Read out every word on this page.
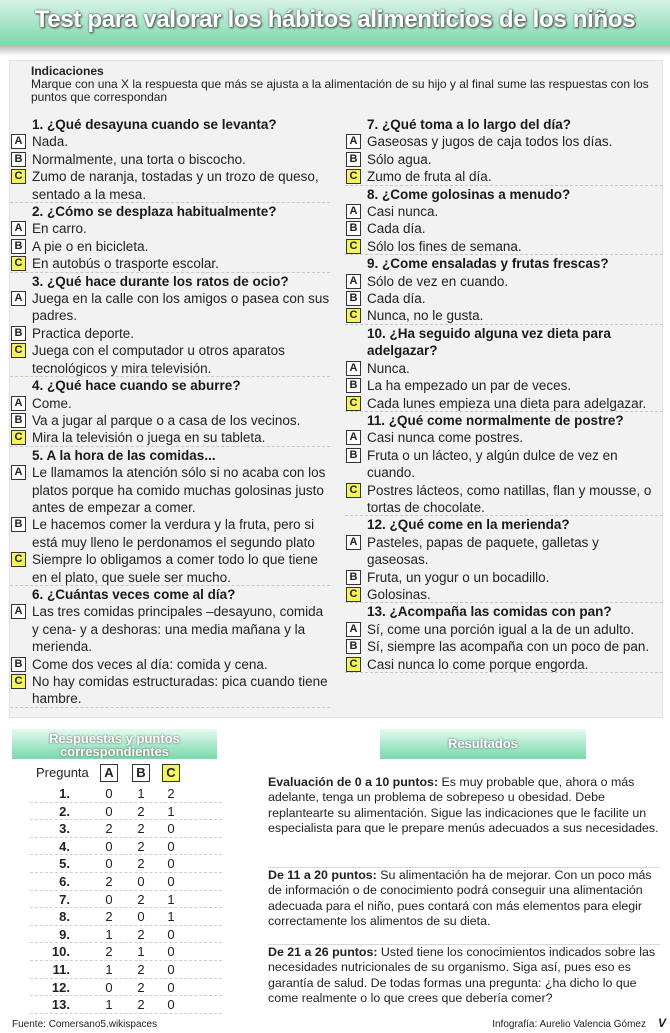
Test para valorar los hábitos alimenticios de los niños
Indicaciones
Marque con una X la respuesta que más se ajusta a la alimentación de su hijo y al final sume las respuestas con los puntos que correspondan
1. ¿Qué desayuna cuando se levanta?
A Nada.
B Normalmente, una torta o biscocho.
C Zumo de naranja, tostadas y un trozo de queso, sentado a la mesa.
2. ¿Cómo se desplaza habitualmente?
A En carro.
B A pie o en bicicleta.
C En autobús o trasporte escolar.
3. ¿Qué hace durante los ratos de ocio?
A Juega en la calle con los amigos o pasea con sus padres.
B Practica deporte.
C Juega con el computador u otros aparatos tecnológicos y mira televisión.
4. ¿Qué hace cuando se aburre?
A Come.
B Va a jugar al parque o a casa de los vecinos.
C Mira la televisión o juega en su tableta.
5. A la hora de las comidas...
A Le llamamos la atención sólo si no acaba con los platos porque ha comido muchas golosinas justo antes de empezar a comer.
B Le hacemos comer la verdura y la fruta, pero si está muy lleno le perdonamos el segundo plato
C Siempre lo obligamos a comer todo lo que tiene en el plato, que suele ser mucho.
6. ¿Cuántas veces come al día?
A Las tres comidas principales –desayuno, comida y cena- y a deshoras: una media mañana y la merienda.
B Come dos veces al día: comida y cena.
C No hay comidas estructuradas: pica cuando tiene hambre.
7. ¿Qué toma a lo largo del día?
A Gaseosas y jugos de caja todos los días.
B Sólo agua.
C Zumo de fruta al día.
8. ¿Come golosinas a menudo?
A Casi nunca.
B Cada día.
C Sólo los fines de semana.
9. ¿Come ensaladas y frutas frescas?
A Sólo de vez en cuando.
B Cada día.
C Nunca, no le gusta.
10. ¿Ha seguido alguna vez dieta para adelgazar?
A Nunca.
B La ha empezado un par de veces.
C Cada lunes empieza una dieta para adelgazar.
11. ¿Qué come normalmente de postre?
A Casi nunca come postres.
B Fruta o un lácteo, y algún dulce de vez en cuando.
C Postres lácteos, como natillas, flan y mousse, o tortas de chocolate.
12. ¿Qué come en la merienda?
A Pasteles, papas de paquete, galletas y gaseosas.
B Fruta, un yogur o un bocadillo.
C Golosinas.
13. ¿Acompaña las comidas con pan?
A Sí, come una porción igual a la de un adulto.
B Sí, siempre las acompaña con un poco de pan.
C Casi nunca lo come porque engorda.
Respuestas y puntos correspondientes
Resultados
Pregunta	A	B	C
1.	0 1 2
2.	0 2 1
3.	2 2 0
4.	0 2 0
5.	0 2 0
6.	2 0 0
7.	0 2 1
8.	2 0 1
9.	1 2 0
10.	2 1 0
11.	1 2 0
12.	0 2 0
13.	1 2 0
Evaluación de 0 a 10 puntos: Es muy probable que, ahora o más adelante, tenga un problema de sobrepeso u obesidad. Debe replantearte su alimentación. Sigue las indicaciones que le facilite un especialista para que le prepare menús adecuados a sus necesidades.
De 11 a 20 puntos: Su alimentación ha de mejorar. Con un poco más de información o de conocimiento podrá conseguir una alimentación adecuada para el niño, pues contará con más elementos para elegir correctamente los alimentos de su dieta.
De 21 a 26 puntos: Usted tiene los conocimientos indicados sobre las necesidades nutricionales de su organismo. Siga así, pues eso es garantía de salud. De todas formas una pregunta: ¿ha dicho lo que come realmente o lo que crees que debería comer?
Fuente: Comersano5.wikispaces	Infografía: Aurelio Valencia Gómez V
